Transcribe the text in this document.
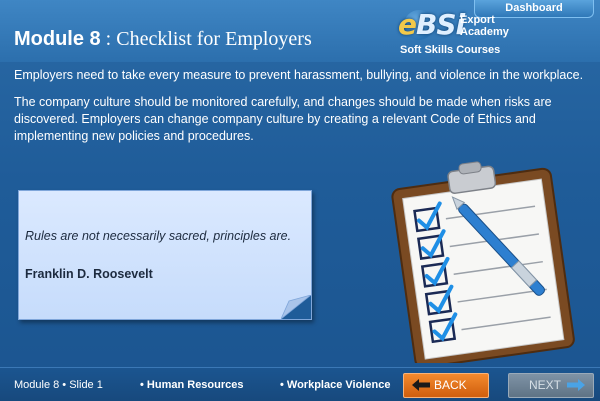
Dashboard
Module 8 : Checklist for Employers	eBSi
Export
Academy
Soft Skills Courses
Employers need to take every measure to prevent harassment, bullying, and violence in the workplace.
The company culture should be monitored carefully, and changes should be made when risks are discovered. Employers can change company culture by creating a relevant Code of Ethics and implementing new policies and procedures.
Rules are not necessarily sacred, principles are.
Franklin D. Roosevelt
Module 8 • Slide 1	• Human Resources	• Workplace Violence	BACK	NEXT
